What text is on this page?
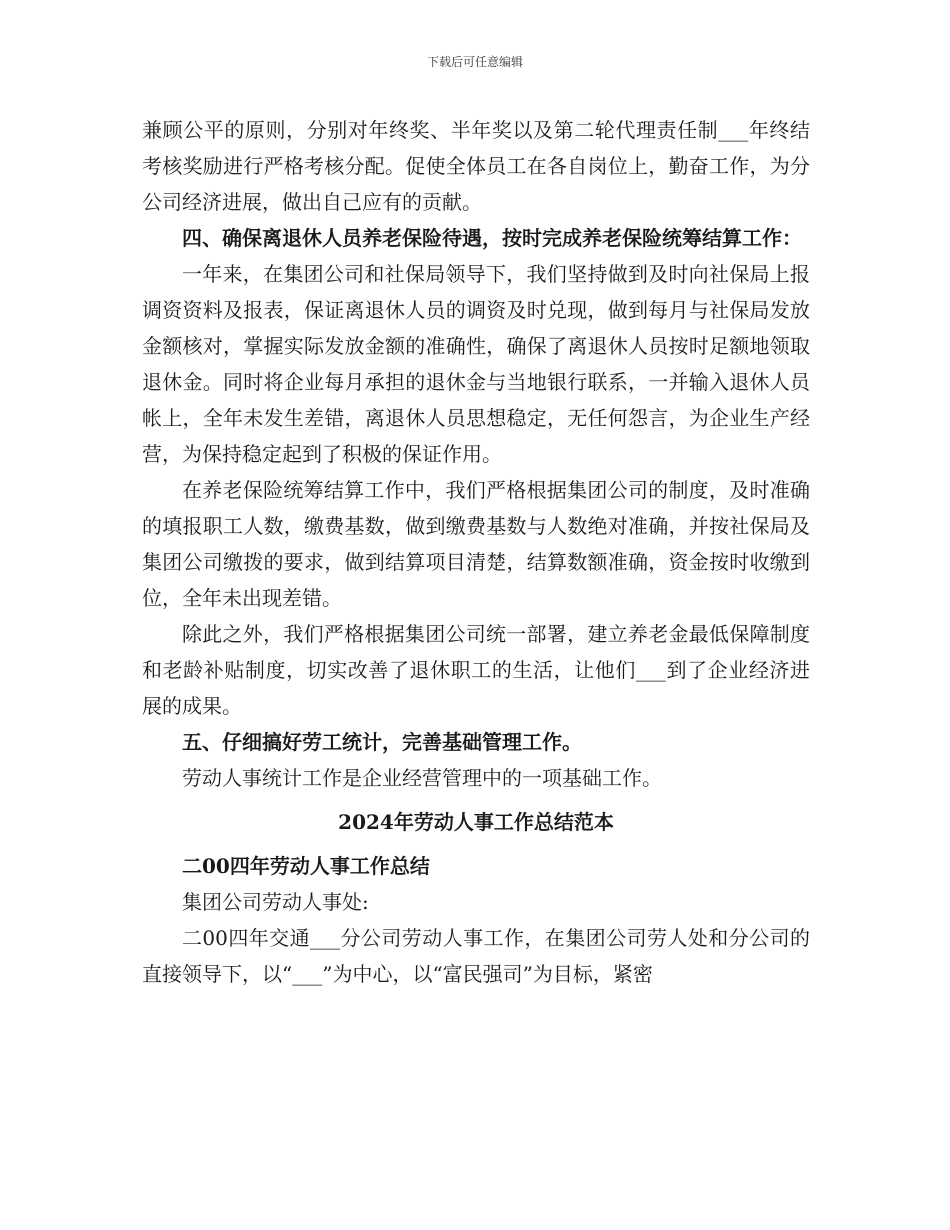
下载后可任意编辑

兼顾公平的原则，分别对年终奖、半年奖以及第二轮代理责任制___年终结考核奖励进行严格考核分配。促使全体员工在各自岗位上，勤奋工作，为分公司经济进展，做出自己应有的贡献。

四、确保离退休人员养老保险待遇，按时完成养老保险统筹结算工作：

一年来，在集团公司和社保局领导下，我们坚持做到及时向社保局上报调资资料及报表，保证离退休人员的调资及时兑现，做到每月与社保局发放金额核对，掌握实际发放金额的准确性，确保了离退休人员按时足额地领取退休金。同时将企业每月承担的退休金与当地银行联系，一并输入退休人员帐上，全年未发生差错，离退休人员思想稳定，无任何怨言，为企业生产经营，为保持稳定起到了积极的保证作用。

在养老保险统筹结算工作中，我们严格根据集团公司的制度，及时准确的填报职工人数，缴费基数，做到缴费基数与人数绝对准确，并按社保局及集团公司缴拨的要求，做到结算项目清楚，结算数额准确，资金按时收缴到位，全年未出现差错。

除此之外，我们严格根据集团公司统一部署，建立养老金最低保障制度和老龄补贴制度，切实改善了退休职工的生活，让他们___到了企业经济进展的成果。

五、仔细搞好劳工统计，完善基础管理工作。

劳动人事统计工作是企业经营管理中的一项基础工作。

2024年劳动人事工作总结范本

二00四年劳动人事工作总结

集团公司劳动人事处:

二00四年交通___分公司劳动人事工作，在集团公司劳人处和分公司的直接领导下，以“___”为中心，以“富民强司”为目标，紧密
